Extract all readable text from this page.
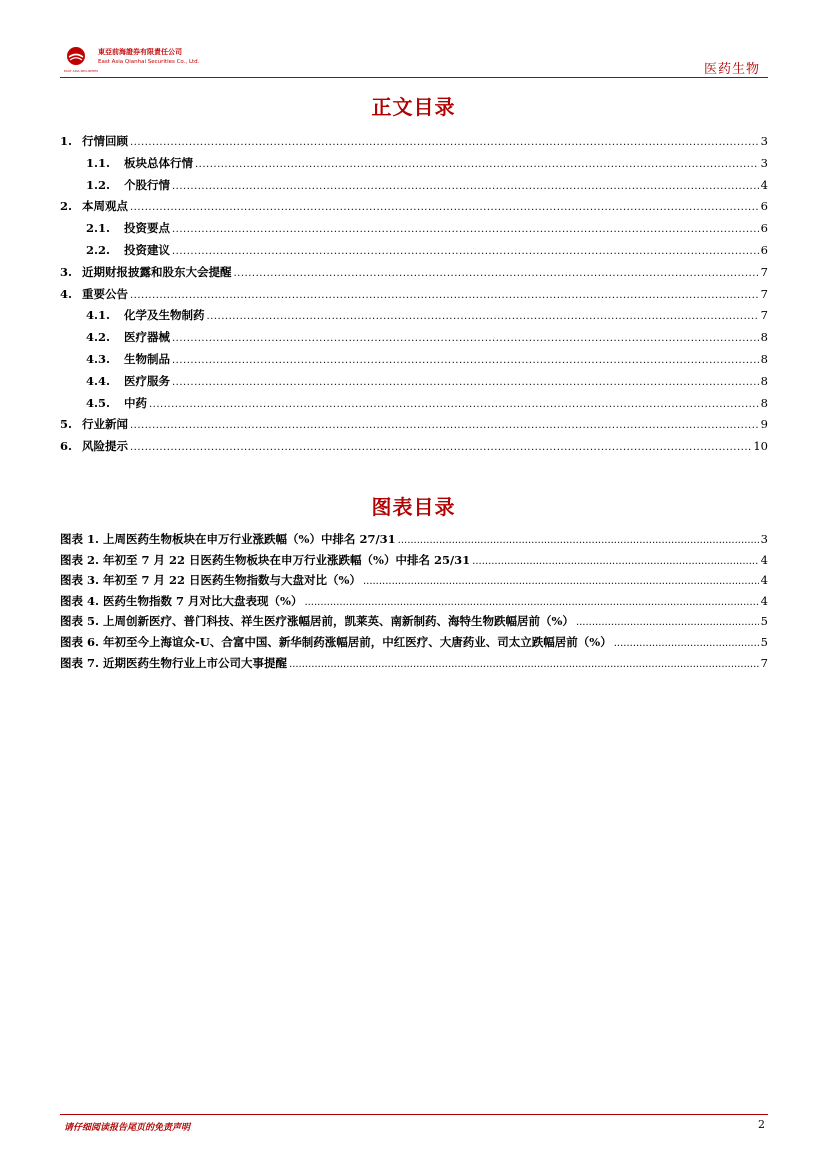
東亞前海證券有限責任公司
East Asia Qianhai Securities Co., Ltd.
EAST ASIA SECURITIES	医药生物
正文目录
1. 行情回顾 .....	3
1.1.	板块总体行情 .....	3
1.2.	个股行情 .....	4
2. 本周观点 .....	6
2.1.	投资要点 .....	6
2.2.	投资建议 .....	6
3. 近期财报披露和股东大会提醒 .....	7
4. 重要公告 .....	7
4.1.	化学及生物制药 .....	7
4.2.	医疗器械 .....	8
4.3.	生物制品 .....	8
4.4.	医疗服务 .....	8
4.5.	中药 .....	8
5. 行业新闻 .....	9
6. 风险提示 .....	10
图表目录
图表 1. 上周医药生物板块在申万行业涨跌幅（%）中排名 27/31 .....	3
图表 2. 年初至 7 月 22 日医药生物板块在申万行业涨跌幅（%）中排名 25/31 .....	4
图表 3. 年初至 7 月 22 日医药生物指数与大盘对比（%） .....	4
图表 4. 医药生物指数 7 月对比大盘表现（%） .....	4
图表 5. 上周创新医疗、普门科技、祥生医疗涨幅居前，凯莱英、南新制药、海特生物跌幅居前（%） .....	5
图表 6. 年初至今上海谊众-U、合富中国、新华制药涨幅居前，中红医疗、大唐药业、司太立跌幅居前（%） .....	5
图表 7. 近期医药生物行业上市公司大事提醒 .....	7
请仔细阅读报告尾页的免责声明	2
